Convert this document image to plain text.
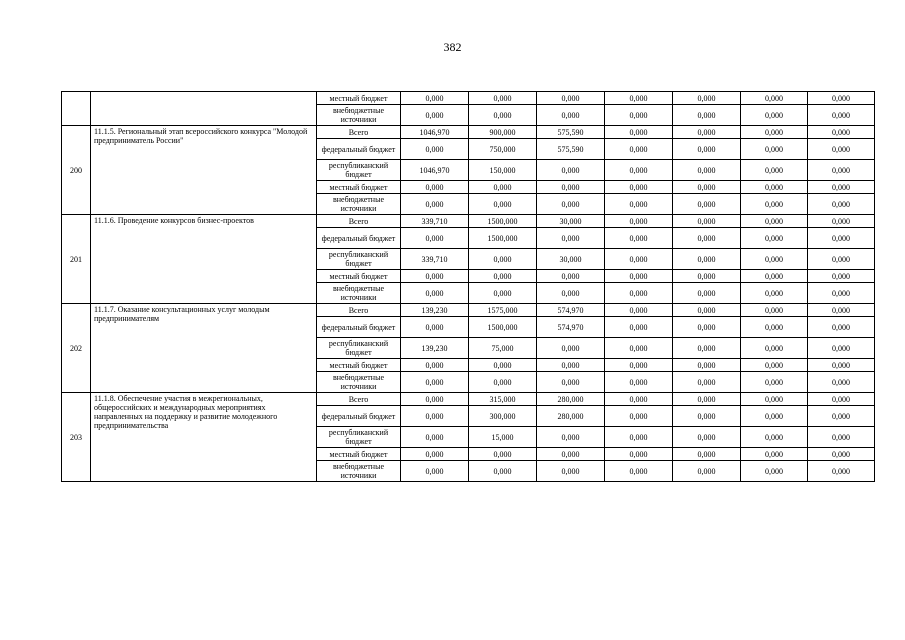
382
		местный бюджет	0,000	0,000	0,000	0,000	0,000	0,000	0,000
		внебюджетные источники	0,000	0,000	0,000	0,000	0,000	0,000	0,000
200	11.1.5. Региональный этап всероссийского конкурса "Молодой предприниматель России"	Всего	1046,970	900,000	575,590	0,000	0,000	0,000	0,000
		федеральный бюджет	0,000	750,000	575,590	0,000	0,000	0,000	0,000
		республиканский бюджет	1046,970	150,000	0,000	0,000	0,000	0,000	0,000
		местный бюджет	0,000	0,000	0,000	0,000	0,000	0,000	0,000
		внебюджетные источники	0,000	0,000	0,000	0,000	0,000	0,000	0,000
201	11.1.6. Проведение конкурсов бизнес-проектов	Всего	339,710	1500,000	30,000	0,000	0,000	0,000	0,000
		федеральный бюджет	0,000	1500,000	0,000	0,000	0,000	0,000	0,000
		республиканский бюджет	339,710	0,000	30,000	0,000	0,000	0,000	0,000
		местный бюджет	0,000	0,000	0,000	0,000	0,000	0,000	0,000
		внебюджетные источники	0,000	0,000	0,000	0,000	0,000	0,000	0,000
202	11.1.7. Оказание консультационных услуг молодым предпринимателям	Всего	139,230	1575,000	574,970	0,000	0,000	0,000	0,000
		федеральный бюджет	0,000	1500,000	574,970	0,000	0,000	0,000	0,000
		республиканский бюджет	139,230	75,000	0,000	0,000	0,000	0,000	0,000
		местный бюджет	0,000	0,000	0,000	0,000	0,000	0,000	0,000
		внебюджетные источники	0,000	0,000	0,000	0,000	0,000	0,000	0,000
203	11.1.8. Обеспечение участия в межрегиональных, общероссийских и международных мероприятиях направленных на поддержку и развитие молодежного предпринимательства	Всего	0,000	315,000	280,000	0,000	0,000	0,000	0,000
		федеральный бюджет	0,000	300,000	280,000	0,000	0,000	0,000	0,000
		республиканский бюджет	0,000	15,000	0,000	0,000	0,000	0,000	0,000
		местный бюджет	0,000	0,000	0,000	0,000	0,000	0,000	0,000
		внебюджетные источники	0,000	0,000	0,000	0,000	0,000	0,000	0,000
